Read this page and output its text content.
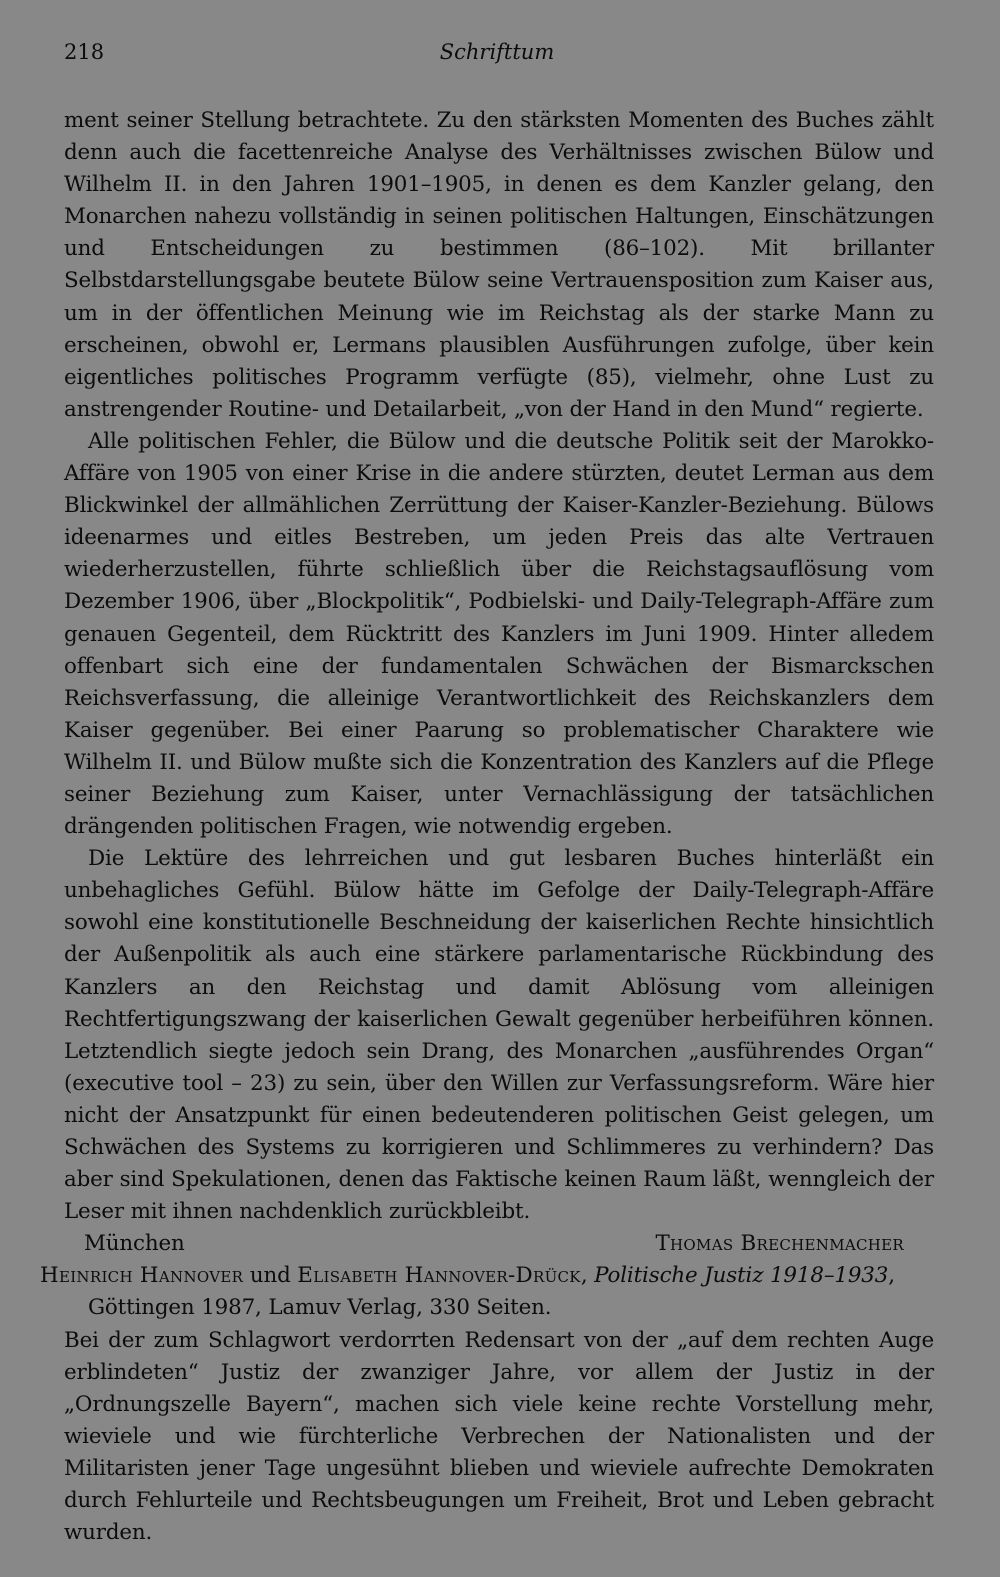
218	Schrifttum

ment seiner Stellung betrachtete. Zu den stärksten Momenten des Buches zählt denn auch die facettenreiche Analyse des Verhältnisses zwischen Bülow und Wilhelm II. in den Jahren 1901–1905, in denen es dem Kanzler gelang, den Monarchen nahezu vollständig in seinen politischen Haltungen, Einschätzungen und Entscheidungen zu bestimmen (86–102). Mit brillanter Selbstdarstellungsgabe beutete Bülow seine Vertrauensposition zum Kaiser aus, um in der öffentlichen Meinung wie im Reichstag als der starke Mann zu erscheinen, obwohl er, Lermans plausiblen Ausführungen zufolge, über kein eigentliches politisches Programm verfügte (85), vielmehr, ohne Lust zu anstrengender Routine- und Detailarbeit, „von der Hand in den Mund“ regierte.

Alle politischen Fehler, die Bülow und die deutsche Politik seit der Marokko-Affäre von 1905 von einer Krise in die andere stürzten, deutet Lerman aus dem Blickwinkel der allmählichen Zerrüttung der Kaiser-Kanzler-Beziehung. Bülows ideenarmes und eitles Bestreben, um jeden Preis das alte Vertrauen wiederherzustellen, führte schließlich über die Reichstagsauflösung vom Dezember 1906, über „Blockpolitik“, Podbielski- und Daily-Telegraph-Affäre zum genauen Gegenteil, dem Rücktritt des Kanzlers im Juni 1909. Hinter alledem offenbart sich eine der fundamentalen Schwächen der Bismarckschen Reichsverfassung, die alleinige Verantwortlichkeit des Reichskanzlers dem Kaiser gegenüber. Bei einer Paarung so problematischer Charaktere wie Wilhelm II. und Bülow mußte sich die Konzentration des Kanzlers auf die Pflege seiner Beziehung zum Kaiser, unter Vernachlässigung der tatsächlichen drängenden politischen Fragen, wie notwendig ergeben.

Die Lektüre des lehrreichen und gut lesbaren Buches hinterläßt ein unbehagliches Gefühl. Bülow hätte im Gefolge der Daily-Telegraph-Affäre sowohl eine konstitutionelle Beschneidung der kaiserlichen Rechte hinsichtlich der Außenpolitik als auch eine stärkere parlamentarische Rückbindung des Kanzlers an den Reichstag und damit Ablösung vom alleinigen Rechtfertigungszwang der kaiserlichen Gewalt gegenüber herbeiführen können. Letztendlich siegte jedoch sein Drang, des Monarchen „ausführendes Organ“ (executive tool – 23) zu sein, über den Willen zur Verfassungsreform. Wäre hier nicht der Ansatzpunkt für einen bedeutenderen politischen Geist gelegen, um Schwächen des Systems zu korrigieren und Schlimmeres zu verhindern? Das aber sind Spekulationen, denen das Faktische keinen Raum läßt, wenngleich der Leser mit ihnen nachdenklich zurückbleibt.

München	Thomas Brechenmacher

Heinrich Hannover und Elisabeth Hannover-Drück, Politische Justiz 1918–1933, Göttingen 1987, Lamuv Verlag, 330 Seiten.

Bei der zum Schlagwort verdorrten Redensart von der „auf dem rechten Auge erblindeten“ Justiz der zwanziger Jahre, vor allem der Justiz in der „Ordnungszelle Bayern“, machen sich viele keine rechte Vorstellung mehr, wieviele und wie fürchterliche Verbrechen der Nationalisten und der Militaristen jener Tage ungesühnt blieben und wieviele aufrechte Demokraten durch Fehlurteile und Rechtsbeugungen um Freiheit, Brot und Leben gebracht wurden.
